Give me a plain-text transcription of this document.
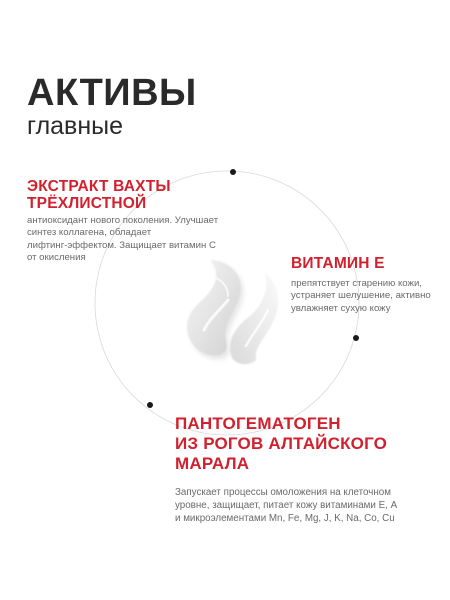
АКТИВЫ
главные
ЭКСТРАКТ ВАХТЫ
ТРЁХЛИСТНОЙ
антиоксидант нового поколения. Улучшает
синтез коллагена, обладает
лифтинг-эффектом. Защищает витамин С
от окисления	ВИТАМИН Е
препятствует старению кожи,
устраняет шелушение, активно
увлажняет сухую кожу
ПАНТОГЕМАТОГЕН
ИЗ РОГОВ АЛТАЙСКОГО МАРАЛА
Запускает процессы омоложения на клеточном
уровне, защищает, питает кожу витаминами Е, А
и микроэлементами Mn, Fe, Mg, J, K, Na, Co, Cu
